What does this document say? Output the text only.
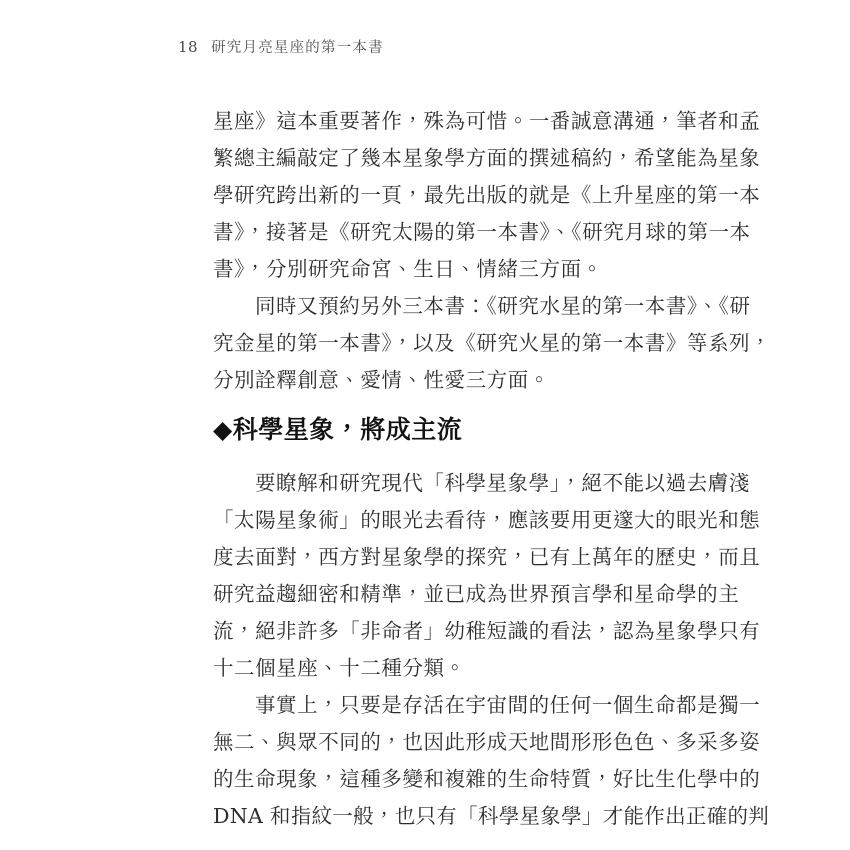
18 研究月亮星座的第一本書
星座》這本重要著作，殊為可惜。一番誠意溝通，筆者和孟
繁總主編敲定了幾本星象學方面的撰述稿約，希望能為星象
學研究跨出新的一頁，最先出版的就是《上升星座的第一本
書》，接著是《研究太陽的第一本書》、《研究月球的第一本
書》，分別研究命宮、生日、情緒三方面。
同時又預約另外三本書：《研究水星的第一本書》、《研
究金星的第一本書》，以及《研究火星的第一本書》等系列，
分別詮釋創意、愛情、性愛三方面。
◆科學星象，將成主流
要瞭解和研究現代「科學星象學」，絕不能以過去膚淺
「太陽星象術」的眼光去看待，應該要用更邃大的眼光和態
度去面對，西方對星象學的探究，已有上萬年的歷史，而且
研究益趨細密和精準，並已成為世界預言學和星命學的主
流，絕非許多「非命者」幼稚短識的看法，認為星象學只有
十二個星座、十二種分類。
事實上，只要是存活在宇宙間的任何一個生命都是獨一
無二、與眾不同的，也因此形成天地間形形色色、多采多姿
的生命現象，這種多變和複雜的生命特質，好比生化學中的
DNA 和指紋一般，也只有「科學星象學」才能作出正確的判
